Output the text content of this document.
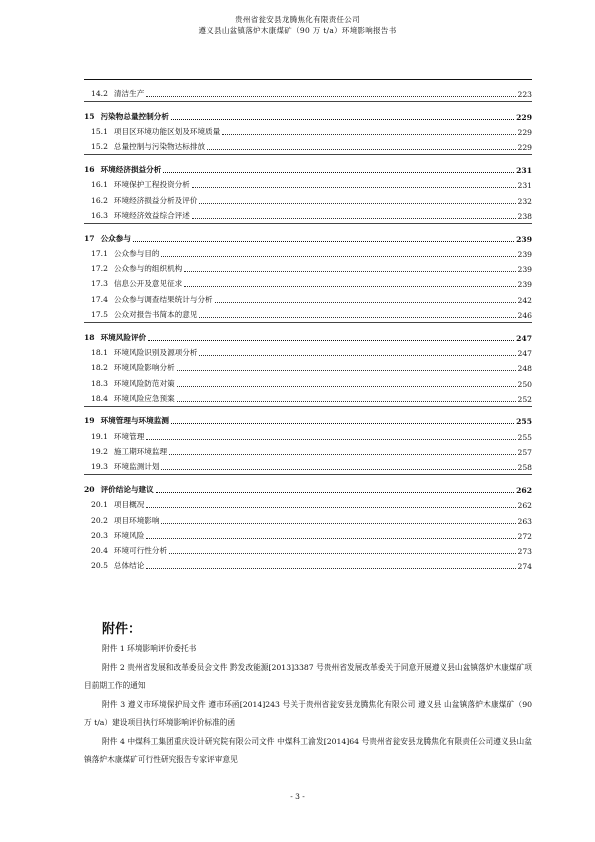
贵州省瓮安县龙腾焦化有限责任公司
遵义县山盆镇落炉木康煤矿（90 万 t/a）环境影响报告书
14.2 清洁生产	223
15 污染物总量控制分析	229
15.1 项目区环境功能区划及环境质量	229
15.2 总量控制与污染物达标排放	229
16 环境经济损益分析	231
16.1 环境保护工程投资分析	231
16.2 环境经济损益分析及评价	232
16.3 环境经济效益综合评述	238
17 公众参与	239
17.1 公众参与目的	239
17.2 公众参与的组织机构	239
17.3 信息公开及意见征求	239
17.4 公众参与调查结果统计与分析	242
17.5 公众对报告书简本的意见	246
18 环境风险评价	247
18.1 环境风险识别及源项分析	247
18.2 环境风险影响分析	248
18.3 环境风险防范对策	250
18.4 环境风险应急预案	252
19 环境管理与环境监测	255
19.1 环境管理	255
19.2 施工期环境监理	257
19.3 环境监测计划	258
20 评价结论与建议	262
20.1 项目概况	262
20.2 项目环境影响	263
20.3 环境风险	272
20.4 环境可行性分析	273
20.5 总体结论	274
附件：

附件 1 环境影响评价委托书

附件 2 贵州省发展和改革委员会文件 黔发改能源[2013]3387 号贵州省发展改革委关于同意开展遵义县山盆镇落炉木康煤矿项目前期工作的通知

附件 3 遵义市环境保护局文件 遵市环函[2014]243 号关于贵州省瓮安县龙腾焦化有限公司 遵义县 山盆镇落炉木康煤矿（90 万 t/a）建设项目执行环境影响评价标准的函

附件 4 中煤科工集团重庆设计研究院有限公司文件 中煤科工渝发[2014]64 号贵州省瓮安县龙腾焦化有限责任公司遵义县山盆镇落炉木康煤矿可行性研究报告专家评审意见

- 3 -
